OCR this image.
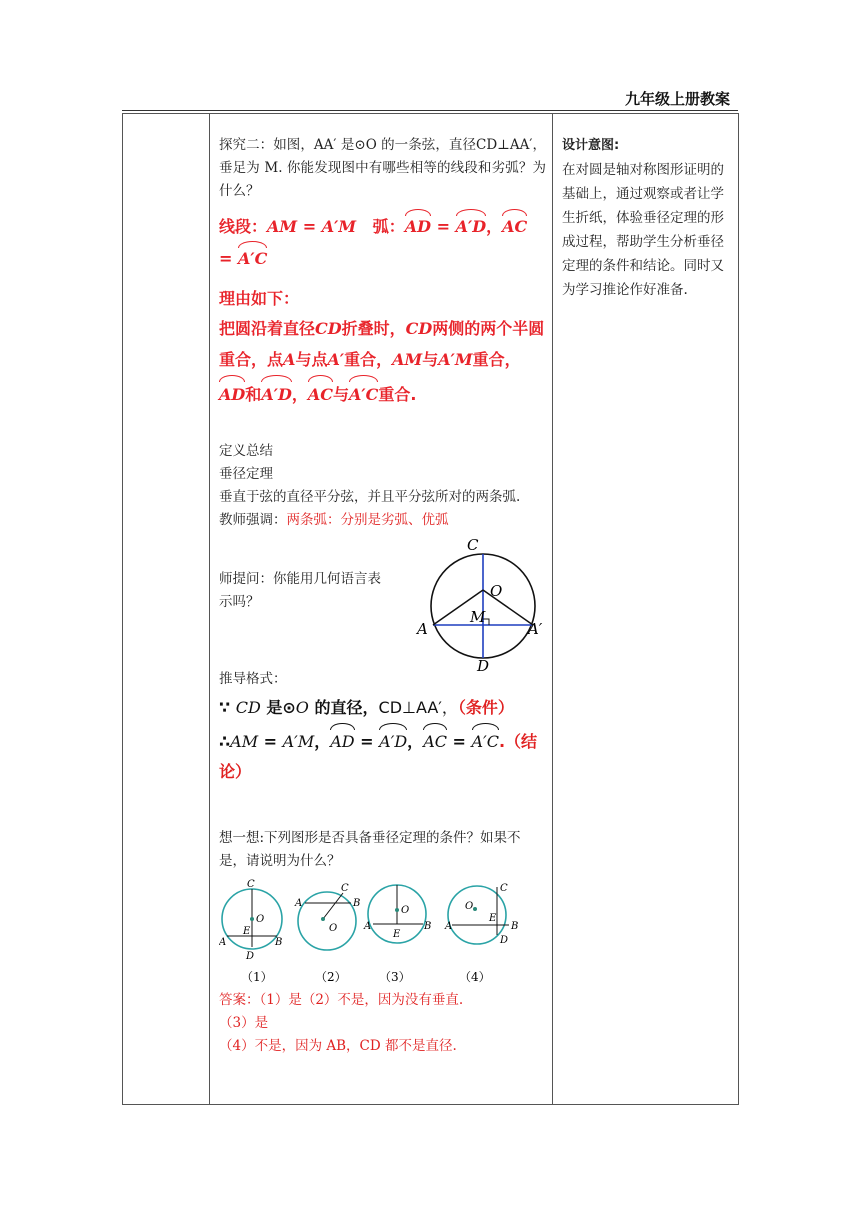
九年级上册教案

探究二：如图，AA′ 是⊙O 的一条弦，直径CD⊥AA′，垂足为 M. 你能发现图中有哪些相等的线段和劣弧？为什么？

线段：AM = A′M 弧：AD = A′D，AC = A′C

理由如下：

把圆沿着直径CD折叠时，CD两侧的两个半圆重合，点A与点A′重合，AM与A′M重合，AD和A′D，AC与A′C重合.

定义总结

垂径定理

垂直于弦的直径平分弦，并且平分弦所对的两条弧.

教师强调：两条弧：分别是劣弧、优弧

师提问：你能用几何语言表示吗？

C
O
M
A	A′
D

推导格式：

∵ CD 是⊙O 的直径，CD⊥AA′，（条件）

∴AM = A′M，AD = A′D，AC = A′C.（结论）

想一想:下列图形是否具备垂径定理的条件？如果不是，请说明为什么？

C
O
E
A	B
D
（1）
A
C
B
O
（2）
O
A	B
E
（3）
O
C
E
A	B
D
（4）

答案：（1）是（2）不是，因为没有垂直.

（3）是

（4）不是，因为 AB，CD 都不是直径.

设计意图:

在对圆是轴对称图形证明的基础上，通过观察或者让学生折纸，体验垂径定理的形成过程，帮助学生分析垂径定理的条件和结论。同时又为学习推论作好准备.
